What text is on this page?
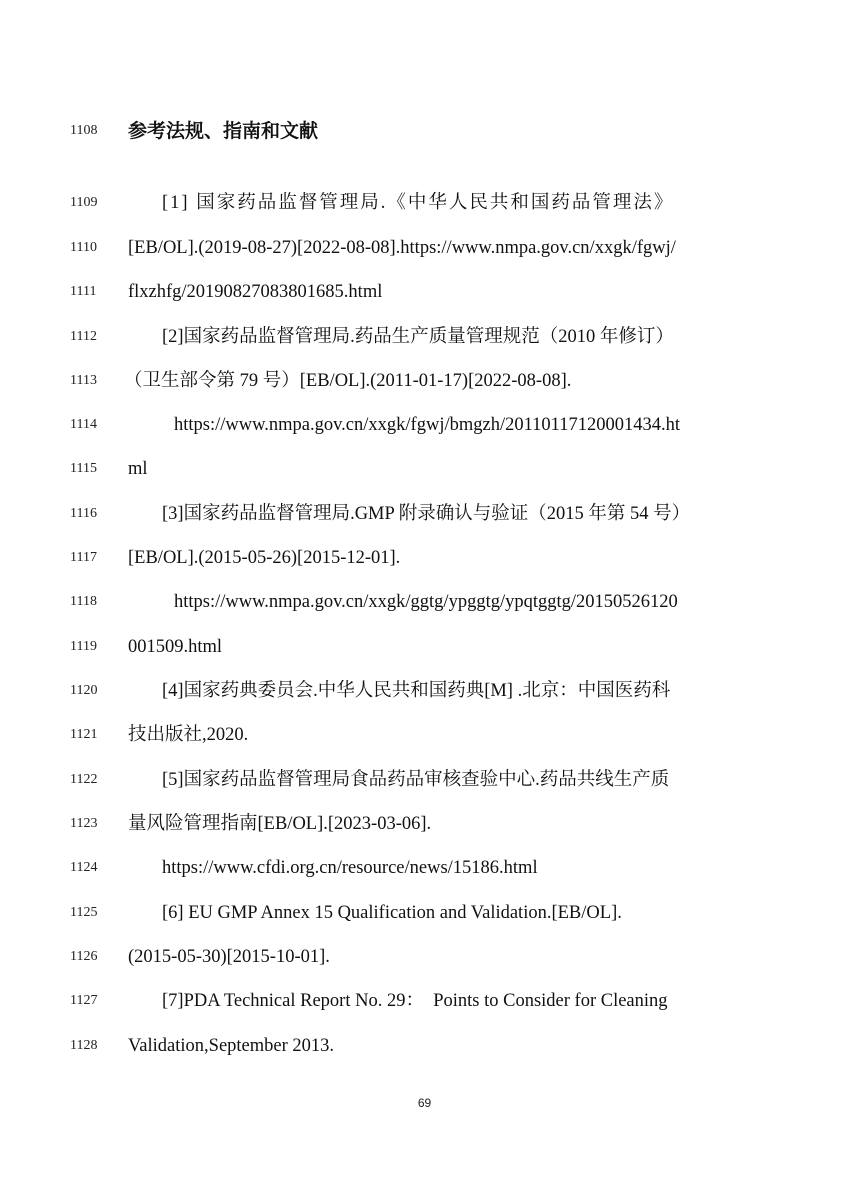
1108	参考法规、指南和文献
1109	[1] 国家药品监督管理局.《中华人民共和国药品管理法》
1110	[EB/OL].(2019-08-27)[2022-08-08].https://www.nmpa.gov.cn/xxgk/fgwj/
1111	flxzhfg/20190827083801685.html
1112	[2]国家药品监督管理局.药品生产质量管理规范（2010 年修订）
1113	（卫生部令第 79 号）[EB/OL].(2011-01-17)[2022-08-08].
1114	https://www.nmpa.gov.cn/xxgk/fgwj/bmgzh/20110117120001434.ht
1115	ml
1116	[3]国家药品监督管理局.GMP 附录确认与验证（2015 年第 54 号）
1117	[EB/OL].(2015-05-26)[2015-12-01].
1118	https://www.nmpa.gov.cn/xxgk/ggtg/ypggtg/ypqtggtg/20150526120
1119	001509.html
1120	[4]国家药典委员会.中华人民共和国药典[M] .北京：中国医药科
1121	技出版社,2020.
1122	[5]国家药品监督管理局食品药品审核查验中心.药品共线生产质
1123	量风险管理指南[EB/OL].[2023-03-06].
1124	https://www.cfdi.org.cn/resource/news/15186.html
1125	[6] EU GMP Annex 15 Qualification and Validation.[EB/OL].
1126	(2015-05-30)[2015-10-01].
1127	[7]PDA Technical Report No. 29：  Points to Consider for Cleaning
1128	Validation,September 2013.
69
